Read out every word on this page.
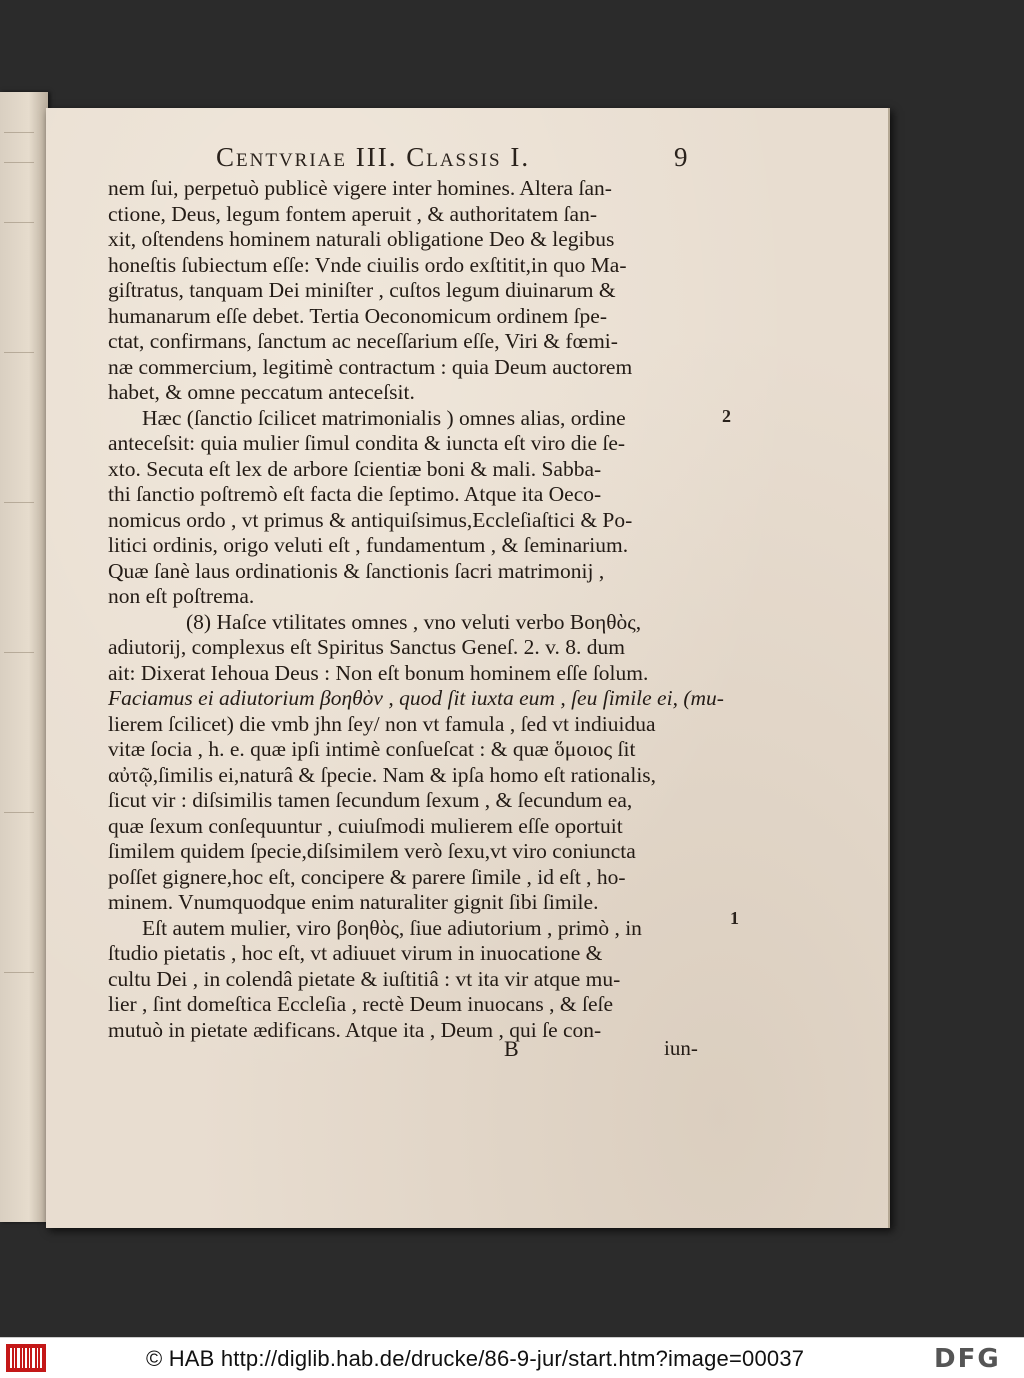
Centvriae III. Classis I.	9
nem ſui, perpetuò publicè vigere inter homines. Altera ſan-
ctione, Deus, legum fontem aperuit , & authoritatem ſan-
xit, oſtendens hominem naturali obligatione Deo & legibus
honeſtis ſubiectum eſſe: Vnde ciuilis ordo exſtitit,in quo Ma-
giſtratus, tanquam Dei miniſter , cuſtos legum diuinarum &
humanarum eſſe debet. Tertia Oeconomicum ordinem ſpe-
ctat, confirmans, ſanctum ac neceſſarium eſſe, Viri & fœmi-
næ commercium, legitimè contractum : quia Deum auctorem
habet, & omne peccatum anteceſsit.
Hæc (ſanctio ſcilicet matrimonialis ) omnes alias, ordine
anteceſsit: quia mulier ſimul condita & iuncta eſt viro die ſe-
xto. Secuta eſt lex de arbore ſcientiæ boni & mali. Sabba-
thi ſanctio poſtremò eſt facta die ſeptimo. Atque ita Oeco-
nomicus ordo , vt primus & antiquiſsimus,Eccleſiaſtici & Po-
litici ordinis, origo veluti eſt , fundamentum , & ſeminarium.
Quæ ſanè laus ordinationis & ſanctionis ſacri matrimonij ,
non eſt poſtrema.
(8) Haſce vtilitates omnes , vno veluti verbo Βοηθὸς,
adiutorij, complexus eſt Spiritus Sanctus Geneſ. 2. v. 8. dum
ait: Dixerat Iehoua Deus : Non eſt bonum hominem eſſe ſolum.
Faciamus ei adiutorium βοηθὸν , quod ſit iuxta eum , ſeu ſimile ei, (mu-
lierem ſcilicet) die vmb jhn ſey/ non vt famula , ſed vt indiuidua
vitæ ſocia , h. e. quæ ipſi intimè conſueſcat : & quæ ὅμοιος ſit
αὐτῷ,ſimilis ei,naturâ & ſpecie. Nam & ipſa homo eſt rationalis,
ſicut vir : diſsimilis tamen ſecundum ſexum , & ſecundum ea,
quæ ſexum conſequuntur , cuiuſmodi mulierem eſſe oportuit
ſimilem quidem ſpecie,diſsimilem verò ſexu,vt viro coniuncta
poſſet gignere,hoc eſt, concipere & parere ſimile , id eſt , ho-
minem. Vnumquodque enim naturaliter gignit ſibi ſimile.
Eſt autem mulier, viro βοηθὸς, ſiue adiutorium , primò , in
ſtudio pietatis , hoc eſt, vt adiuuet virum in inuocatione &
cultu Dei , in colendâ pietate & iuſtitiâ : vt ita vir atque mu-
lier , ſint domeſtica Eccleſia , rectè Deum inuocans , & ſeſe
mutuò in pietate ædificans. Atque ita , Deum , qui ſe con-
2
1
B	iun-
© HAB http://diglib.hab.de/drucke/86-9-jur/start.htm?image=00037	DFG
